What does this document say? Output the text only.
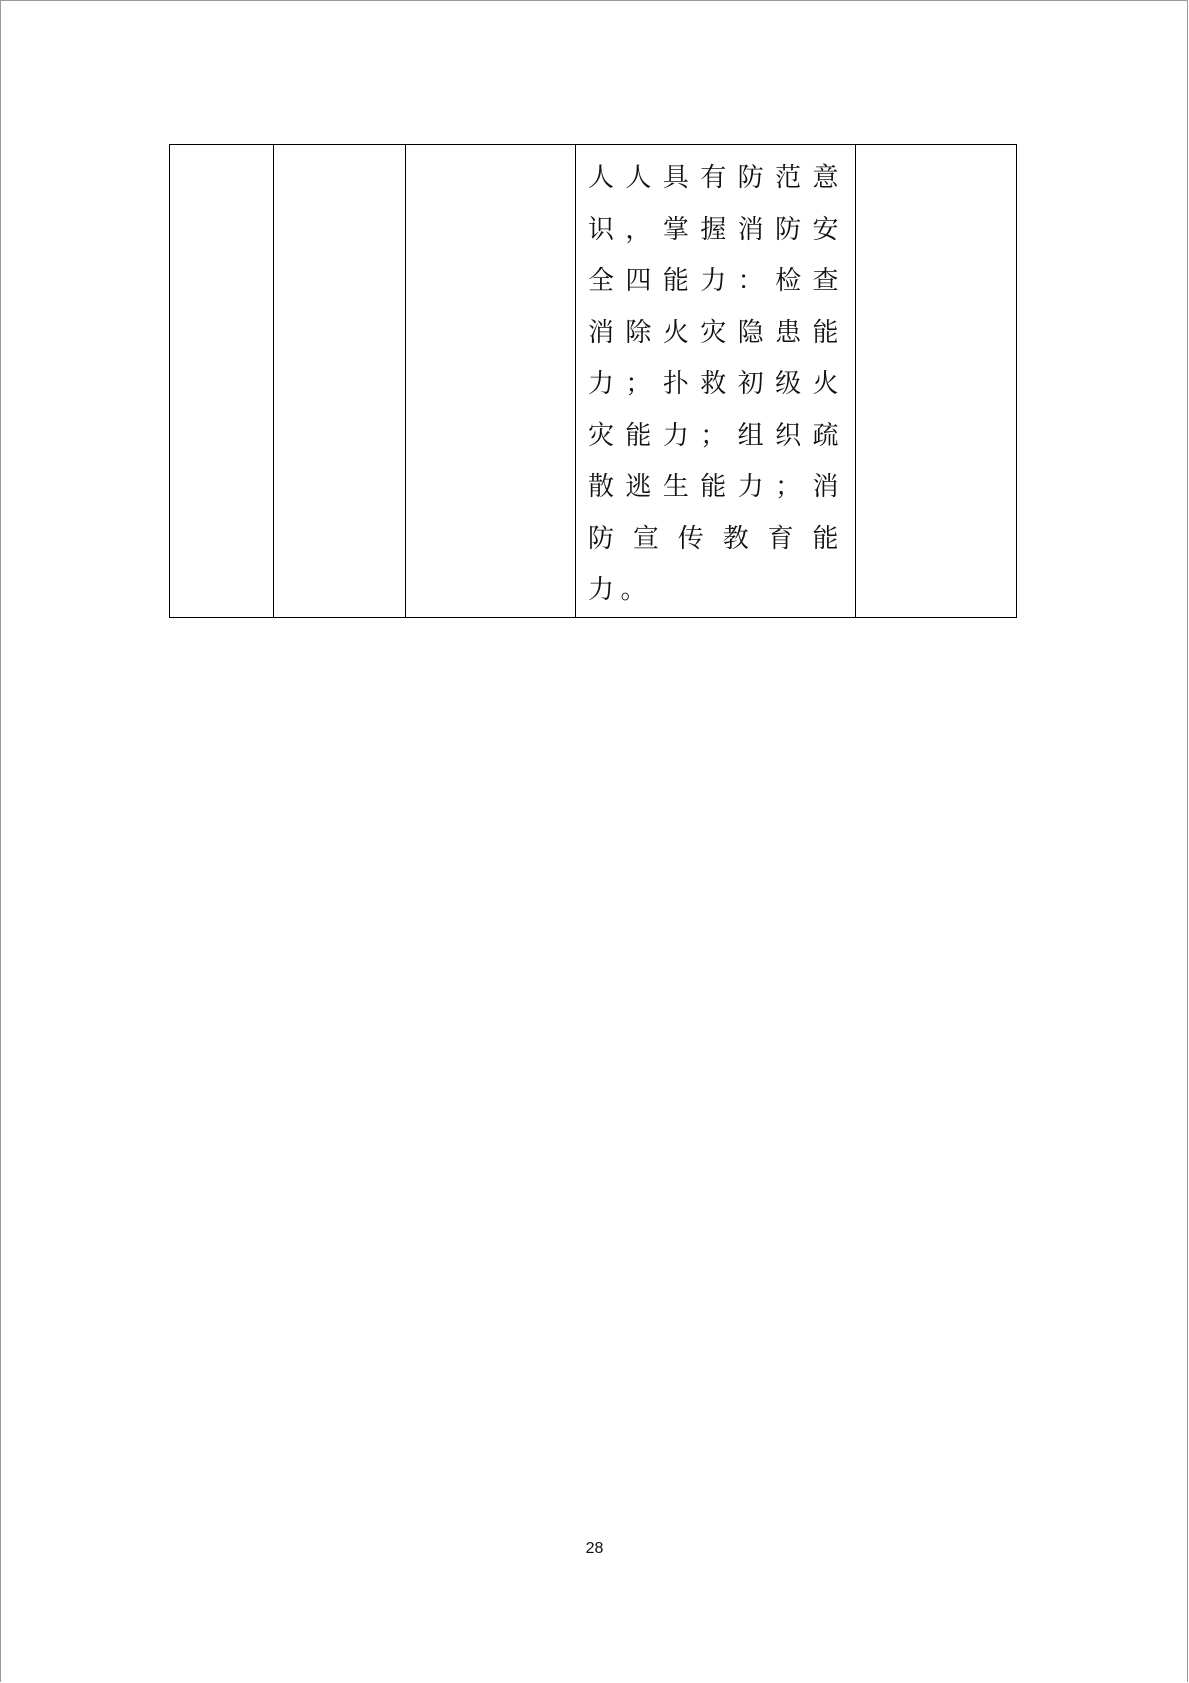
人人具有防范意识，掌握消防安全四能力：检查消除火灾隐患能力；扑救初级火灾能力；组织疏散逃生能力；消防宣传教育能力。

28
